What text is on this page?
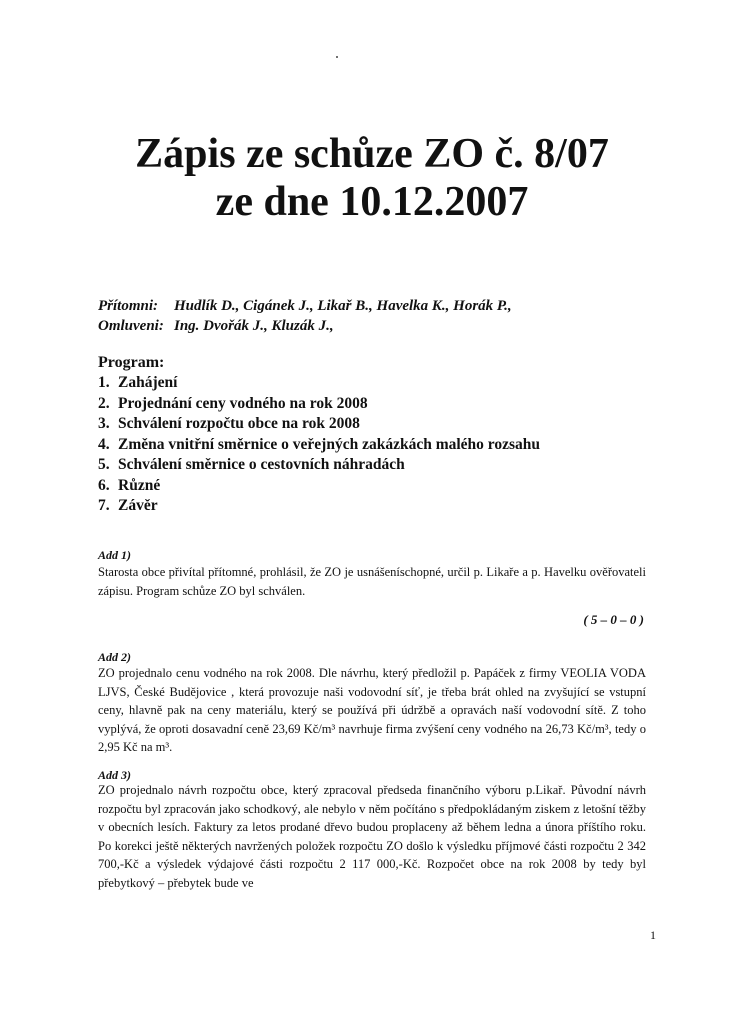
Zápis ze schůze ZO č. 8/07
ze dne 10.12.2007
Přítomni: Hudlík D., Cigánek J., Likař B., Havelka K., Horák P.,
Omluveni: Ing. Dvořák J., Kluzák J.,
Program:
1. Zahájení
2. Projednání ceny vodného na rok 2008
3. Schválení rozpočtu obce na rok 2008
4. Změna vnitřní směrnice o veřejných zakázkách malého rozsahu
5. Schválení směrnice o cestovních náhradách
6. Různé
7. Závěr
Add 1)
Starosta obce přivítal přítomné, prohlásil, že ZO je usnášeníschopné, určil p. Likaře a p. Havelku ověřovateli zápisu. Program schůze ZO byl schválen.
( 5 – 0 – 0 )
Add 2)
ZO projednalo cenu vodného na rok 2008. Dle návrhu, který předložil p. Papáček z firmy VEOLIA VODA LJVS, České Budějovice , která provozuje naši vodovodní síť, je třeba brát ohled na zvyšující se vstupní ceny, hlavně pak na ceny materiálu, který se používá při údržbě a opravách naší vodovodní sítě. Z toho vyplývá, že oproti dosavadní ceně 23,69 Kč/m³ navrhuje firma zvýšení ceny vodného na 26,73 Kč/m³, tedy o 2,95 Kč na m³.
Add 3)
ZO projednalo návrh rozpočtu obce, který zpracoval předseda finančního výboru p.Likař. Původní návrh rozpočtu byl zpracován jako schodkový, ale nebylo v něm počítáno s předpokládaným ziskem z letošní těžby v obecních lesích. Faktury za letos prodané dřevo budou proplaceny až během ledna a února příštího roku. Po korekci ještě některých navržených položek rozpočtu ZO došlo k výsledku příjmové části rozpočtu 2 342 700,-Kč a výsledek výdajové části rozpočtu 2 117 000,-Kč. Rozpočet obce na rok 2008 by tedy byl přebytkový – přebytek bude ve
1
